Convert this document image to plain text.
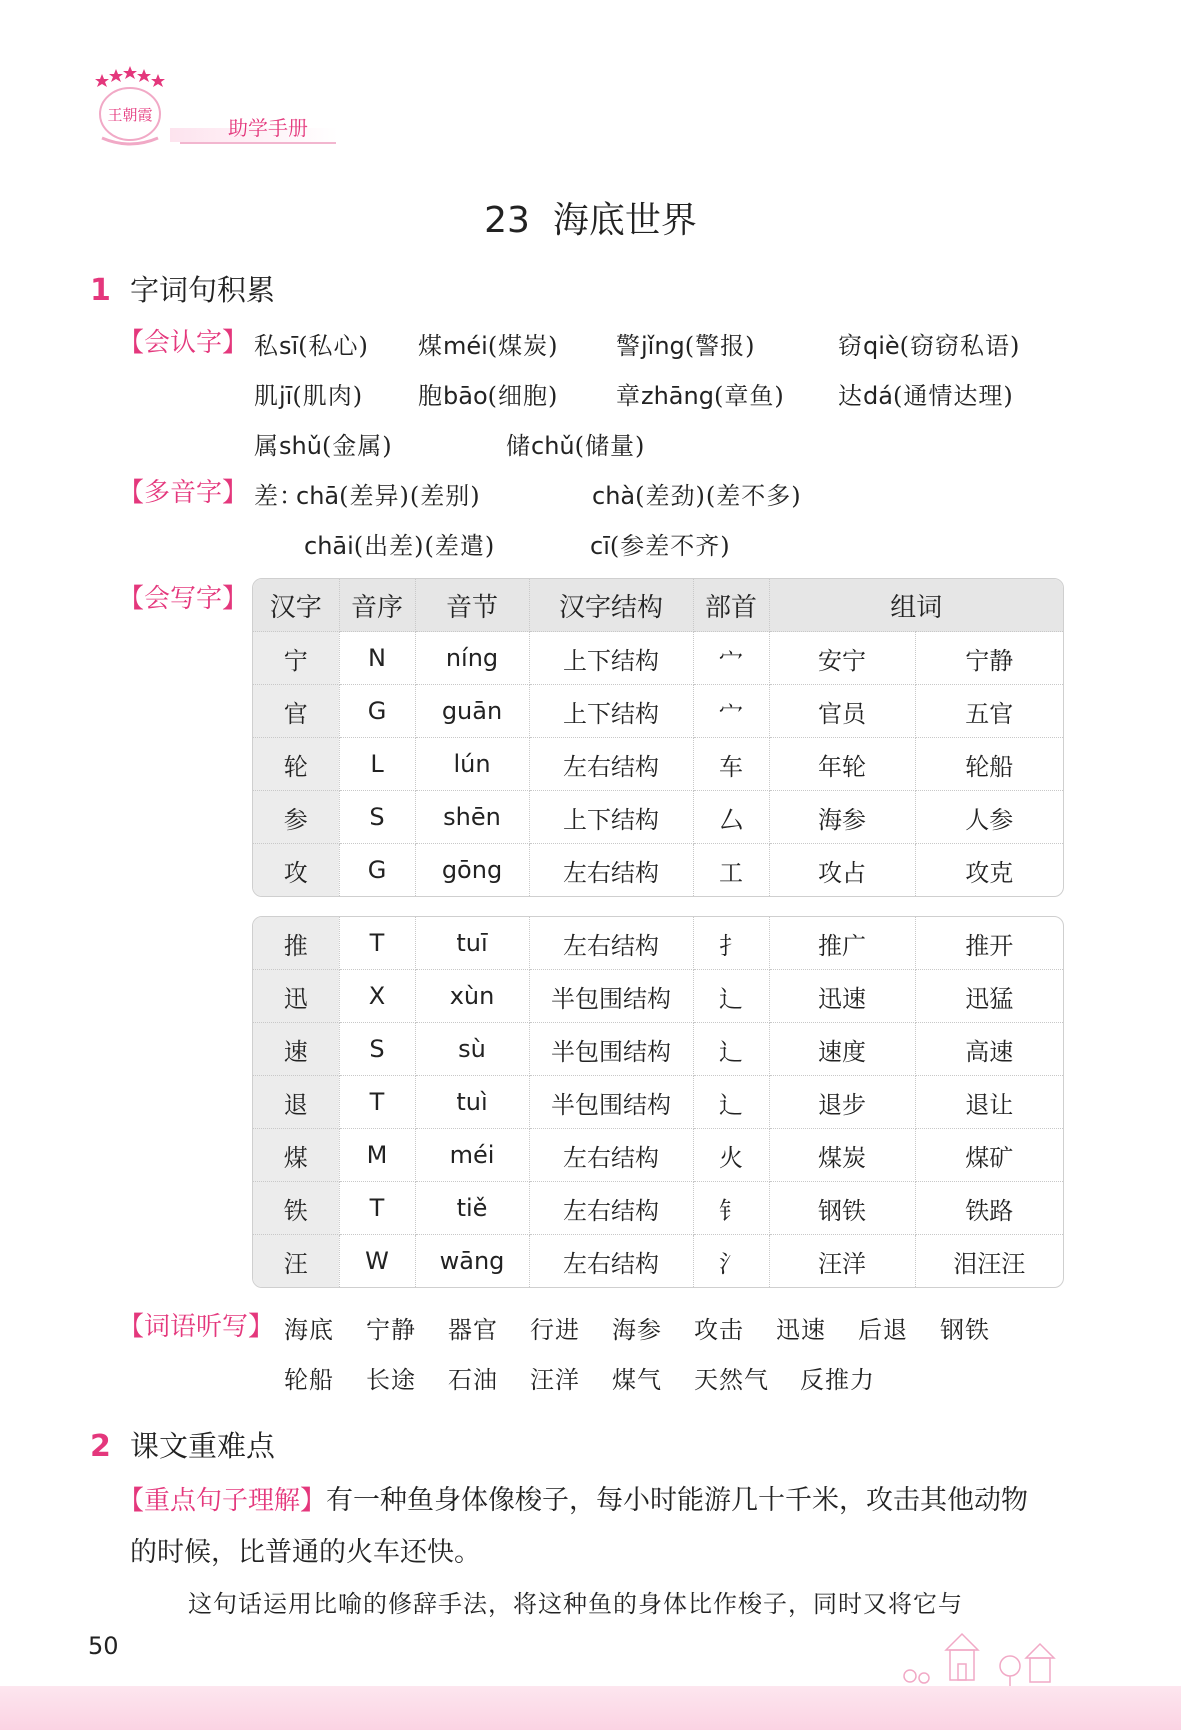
王朝霞
助学手册
23  海底世界
1 字词句积累
【会认字】 私sī(私心) 煤méi(煤炭) 警jǐng(警报)	窃qiè(窃窃私语)
肌jī(肌肉) 胞bāo(细胞) 章zhāng(章鱼) 达dá(通情达理)
属shǔ(金属)	储chǔ(储量)
【多音字】 差：
chā(差异)(差别)	chà(差劲)(差不多)
chāi(出差)(差遣)	cī(参差不齐)
【会写字】 汉字	音序	音节	汉字结构	部首	组词	
宁	N	níng	上下结构	宀	安宁	宁静
官	G	guān	上下结构	宀	官员	五官
轮	L	lún	左右结构	车	年轮	轮船
参	S	shēn	上下结构	厶	海参	人参
攻	G	gōng	左右结构	工	攻占	攻克
推	T	tuī	左右结构	扌	推广	推开
迅	X	xùn	半包围结构	辶	迅速	迅猛
速	S	sù	半包围结构	辶	速度	高速
退	T	tuì	半包围结构	辶	退步	退让
煤	M	méi	左右结构	火	煤炭	煤矿
铁	T	tiě	左右结构	钅	钢铁	铁路
汪	W	wāng	左右结构	氵	汪洋	泪汪汪
【词语听写】 海底 宁静 器官 行进 海参 攻击 迅速 后退 钢铁
轮船 长途 石油 汪洋 煤气 天然气 反推力
2 课文重难点
【重点句子理解】有一种鱼身体像梭子，每小时能游几十千米，攻击其他动物
的时候，比普通的火车还快。
这句话运用比喻的修辞手法，将这种鱼的身体比作梭子，同时又将它与
50
